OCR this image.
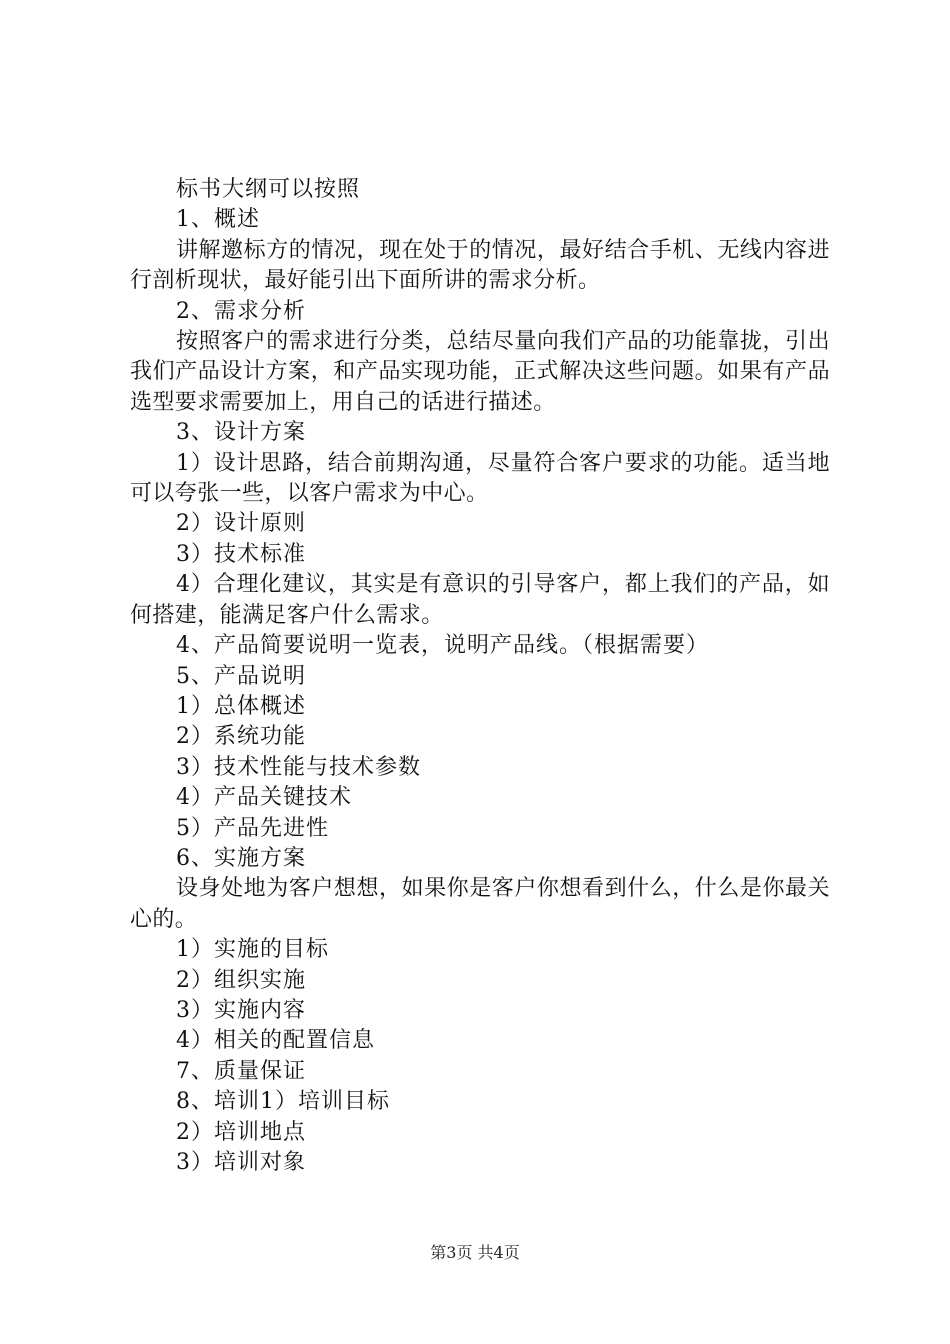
标书大纲可以按照

1、概述

讲解邀标方的情况，现在处于的情况，最好结合手机、无线内容进行剖析现状，最好能引出下面所讲的需求分析。

2、需求分析

按照客户的需求进行分类，总结尽量向我们产品的功能靠拢，引出我们产品设计方案，和产品实现功能，正式解决这些问题。如果有产品选型要求需要加上，用自己的话进行描述。

3、设计方案

1）设计思路，结合前期沟通，尽量符合客户要求的功能。适当地可以夸张一些，以客户需求为中心。

2）设计原则

3）技术标准

4）合理化建议，其实是有意识的引导客户，都上我们的产品，如何搭建，能满足客户什么需求。

4、产品简要说明一览表，说明产品线。（根据需要）

5、产品说明

1）总体概述

2）系统功能

3）技术性能与技术参数

4）产品关键技术

5）产品先进性

6、实施方案

设身处地为客户想想，如果你是客户你想看到什么，什么是你最关心的。

1）实施的目标

2）组织实施

3）实施内容

4）相关的配置信息

7、质量保证

8、培训1）培训目标

2）培训地点

3）培训对象

第3页 共4页
